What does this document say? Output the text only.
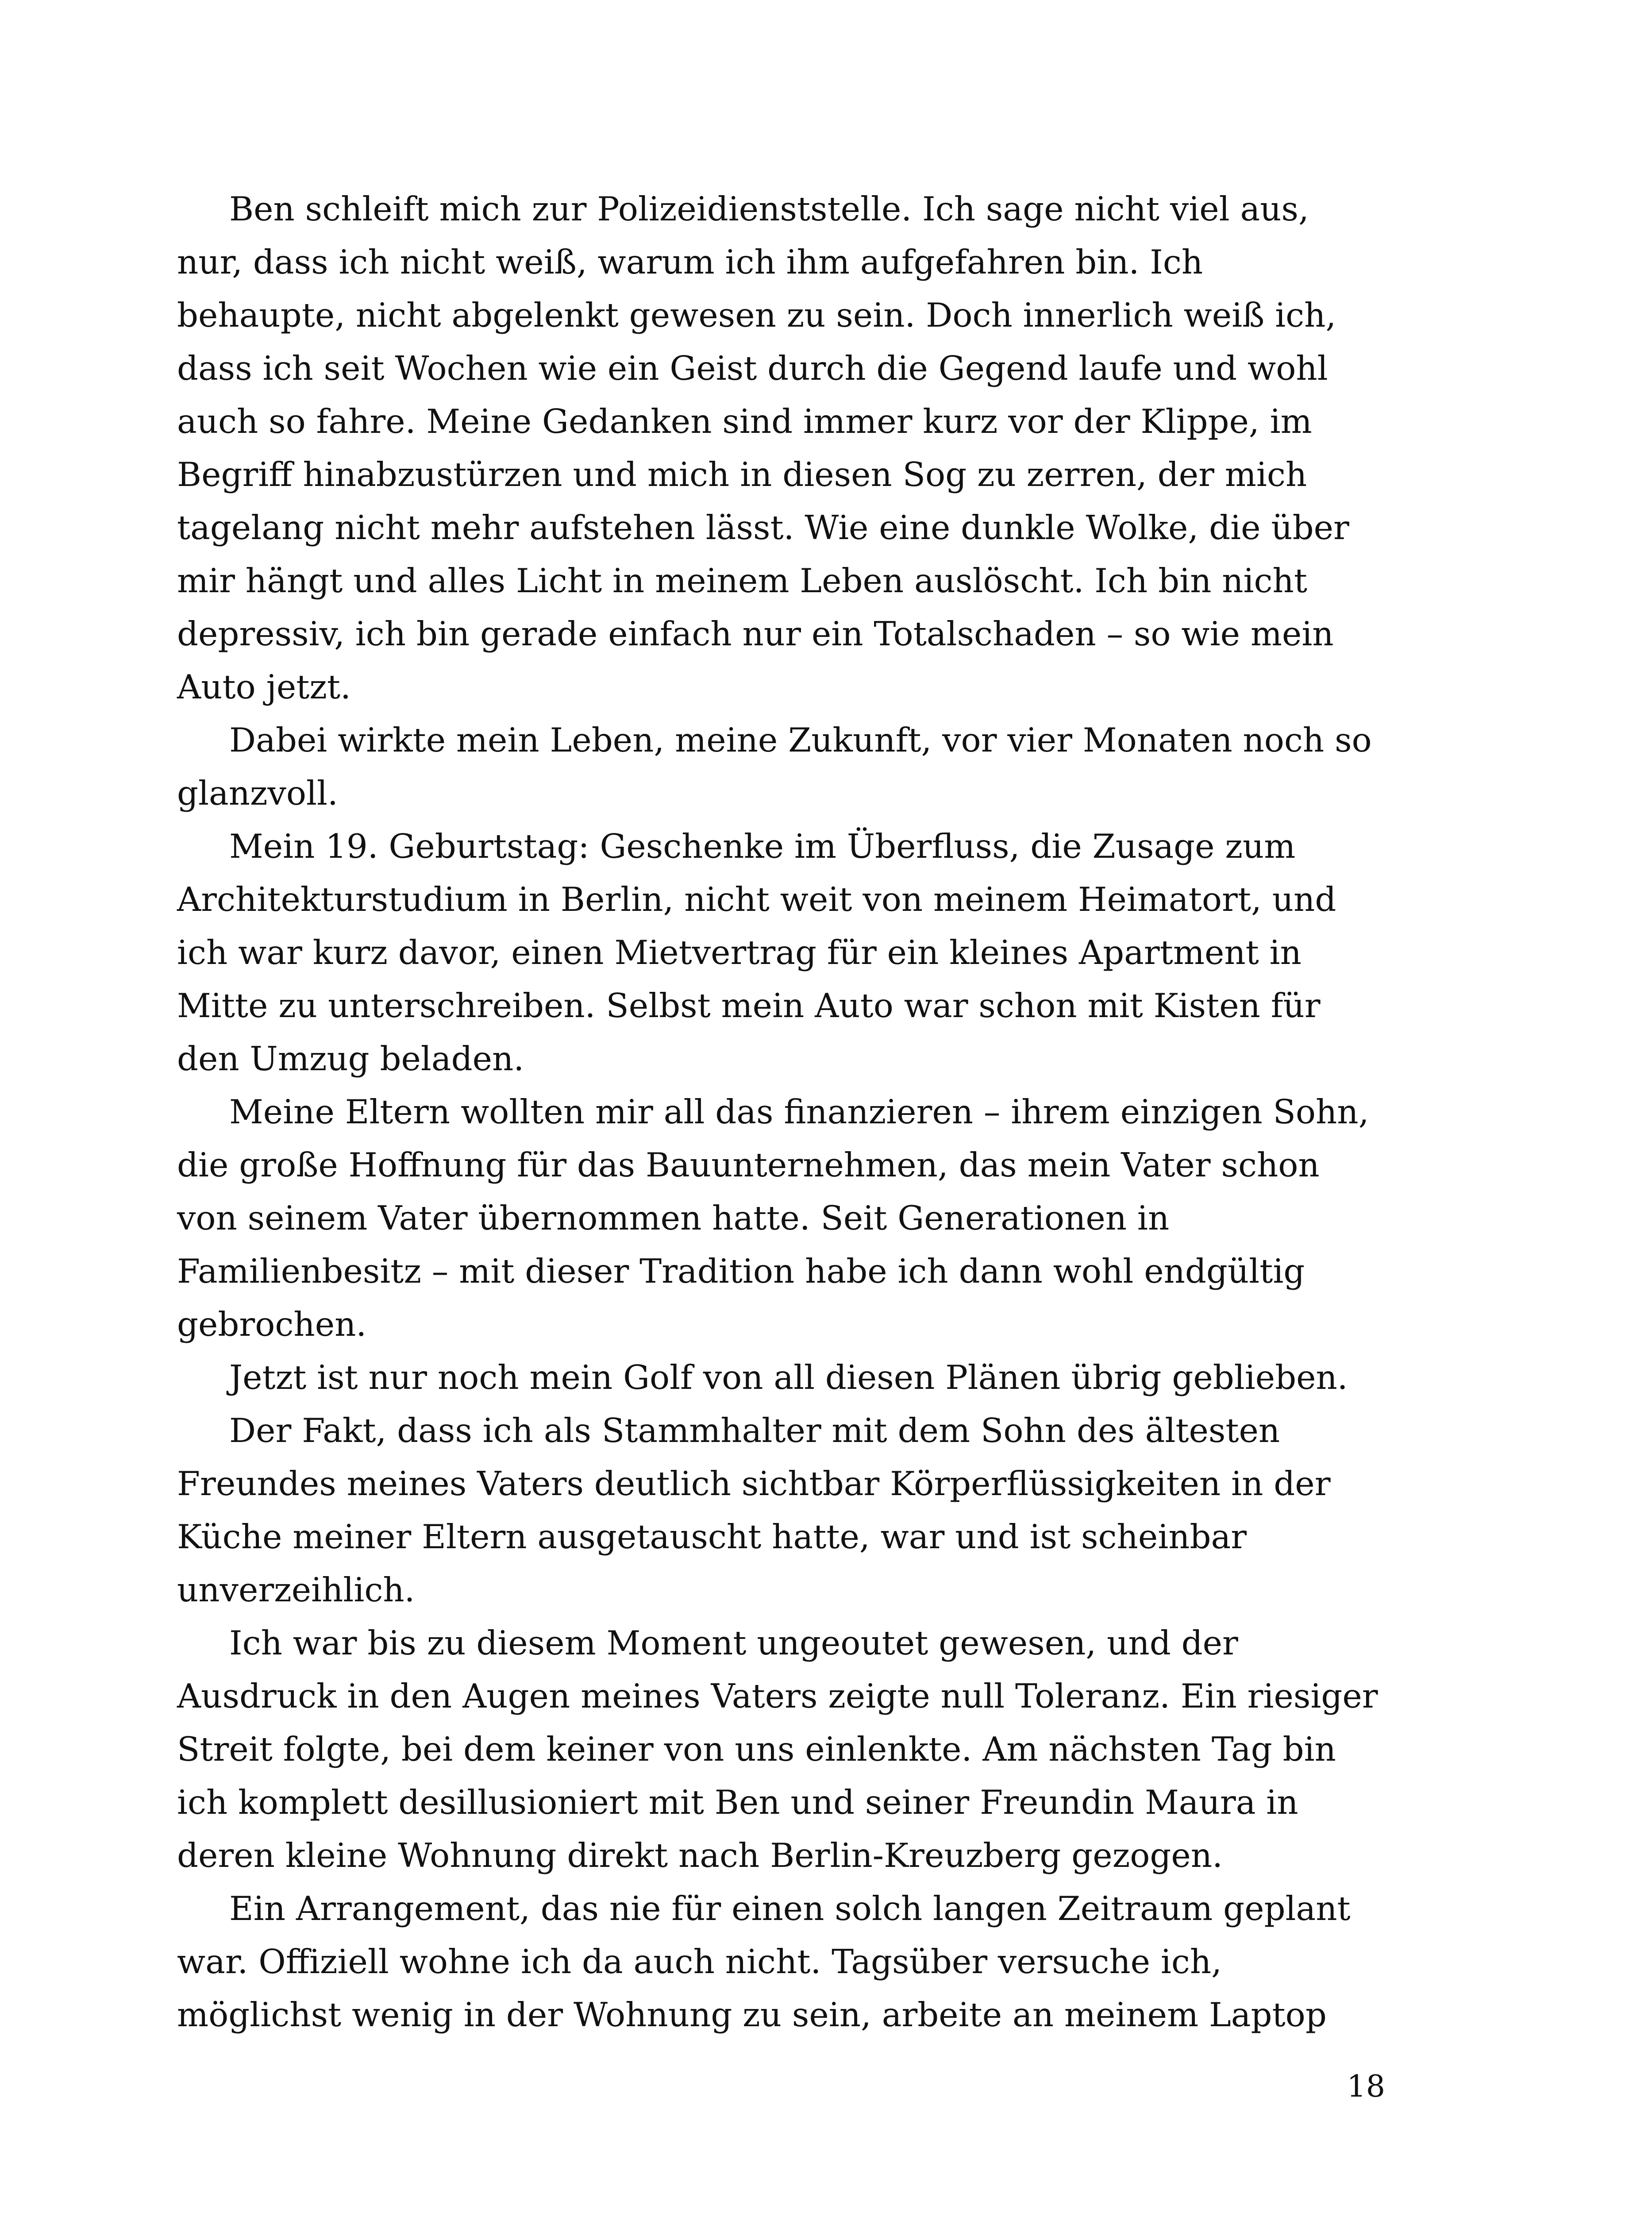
Ben schleift mich zur Polizeidienststelle. Ich sage nicht viel aus, nur, dass ich nicht weiß, warum ich ihm aufgefahren bin. Ich behaupte, nicht abgelenkt gewesen zu sein. Doch innerlich weiß ich, dass ich seit Wochen wie ein Geist durch die Gegend laufe und wohl auch so fahre. Meine Gedanken sind immer kurz vor der Klippe, im Begriff hinabzustürzen und mich in diesen Sog zu zerren, der mich tagelang nicht mehr aufstehen lässt. Wie eine dunkle Wolke, die über mir hängt und alles Licht in meinem Leben auslöscht. Ich bin nicht depressiv, ich bin gerade einfach nur ein Totalschaden – so wie mein Auto jetzt.

Dabei wirkte mein Leben, meine Zukunft, vor vier Monaten noch so glanzvoll.

Mein 19. Geburtstag: Geschenke im Überfluss, die Zusage zum Architekturstudium in Berlin, nicht weit von meinem Heimatort, und ich war kurz davor, einen Mietvertrag für ein kleines Apartment in Mitte zu unterschreiben. Selbst mein Auto war schon mit Kisten für den Umzug beladen.

Meine Eltern wollten mir all das finanzieren – ihrem einzigen Sohn, die große Hoffnung für das Bauunternehmen, das mein Vater schon von seinem Vater übernommen hatte. Seit Generationen in Familienbesitz – mit dieser Tradition habe ich dann wohl endgültig gebrochen.

Jetzt ist nur noch mein Golf von all diesen Plänen übrig geblieben.

Der Fakt, dass ich als Stammhalter mit dem Sohn des ältesten Freundes meines Vaters deutlich sichtbar Körperflüssigkeiten in der Küche meiner Eltern ausgetauscht hatte, war und ist scheinbar unverzeihlich.

Ich war bis zu diesem Moment ungeoutet gewesen, und der Ausdruck in den Augen meines Vaters zeigte null Toleranz. Ein riesiger Streit folgte, bei dem keiner von uns einlenkte. Am nächsten Tag bin ich komplett desillusioniert mit Ben und seiner Freundin Maura in deren kleine Wohnung direkt nach Berlin-Kreuzberg gezogen.

Ein Arrangement, das nie für einen solch langen Zeitraum geplant war. Offiziell wohne ich da auch nicht. Tagsüber versuche ich, möglichst wenig in der Wohnung zu sein, arbeite an meinem Laptop

18
